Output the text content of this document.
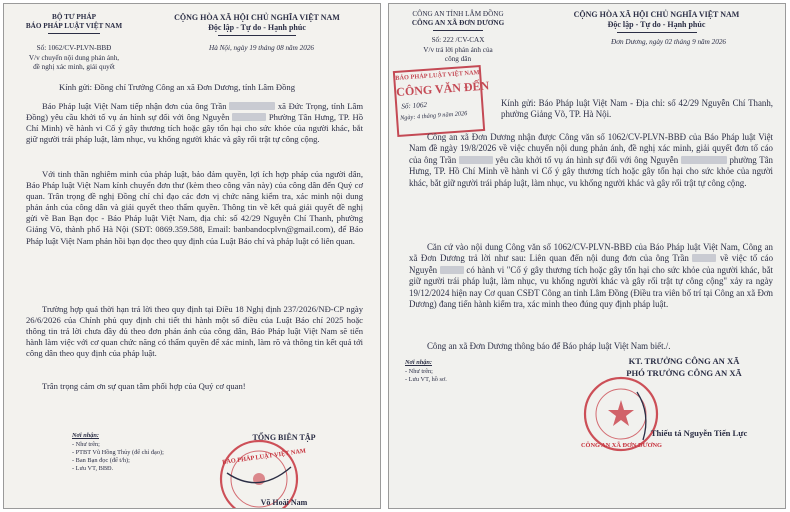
BỘ TƯ PHÁP
BÁO PHÁP LUẬT VIỆT NAM
CỘNG HÒA XÃ HỘI CHỦ NGHĨA VIỆT NAM
Độc lập - Tự do - Hạnh phúc
Số: 1062/CV-PLVN-BBĐ	Hà Nội, ngày 19 tháng 08 năm 2026
V/v chuyển nội dung phản ánh,
đề nghị xác minh, giải quyết
Kính gửi: Đồng chí Trưởng Công an xã Đơn Dương, tỉnh Lâm Đồng
Báo Pháp luật Việt Nam tiếp nhận đơn của ông Trần	xã Đức Trọng, tỉnh Lâm Đồng) yêu cầu khởi tố vụ án hình sự đối với ông Nguyễn	Phường Tân Hưng, TP. Hồ Chí Minh) về hành vi Cố ý gây thương tích hoặc gây tổn hại cho sức khỏe của người khác, bắt giữ người trái pháp luật, làm nhục, vu khống người khác và gây rối trật tự công cộng.
Với tinh thần nghiêm minh của pháp luật, bảo đảm quyền, lợi ích hợp pháp của người dân, Báo Pháp luật Việt Nam kính chuyển đơn thư (kèm theo công văn này) của công dân đến Quý cơ quan. Trân trọng đề nghị Đồng chí chỉ đạo các đơn vị chức năng kiểm tra, xác minh nội dung phản ánh của công dân và giải quyết theo thẩm quyền. Thông tin về kết quả giải quyết đề nghị gửi về Ban Bạn đọc - Báo Pháp luật Việt Nam, địa chỉ: số 42/29 Nguyễn Chí Thanh, phường Giảng Võ, thành phố Hà Nội (SĐT: 0869.359.588, Email: banbandocplvn@gmail.com), để Báo Pháp luật Việt Nam phản hồi bạn đọc theo quy định của Luật Báo chí và pháp luật có liên quan.
Trường hợp quá thời hạn trả lời theo quy định tại Điều 18 Nghị định 237/2026/NĐ-CP ngày 26/6/2026 của Chính phủ quy định chi tiết thi hành một số điều của Luật Báo chí 2025 hoặc thông tin trả lời chưa đầy đủ theo đơn phản ánh của công dân, Báo Pháp luật Việt Nam sẽ tiến hành làm việc với cơ quan chức năng có thẩm quyền để xác minh, làm rõ và thông tin kết quả tới công dân theo quy định của pháp luật.
Trân trọng cảm ơn sự quan tâm phối hợp của Quý cơ quan!
Nơi nhận:
- Như trên;
- PTBT Vũ Hồng Thủy (để chỉ đạo);
- Ban Bạn đọc (để t/h);
- Lưu VT, BBĐ.
TỔNG BIÊN TẬP
BÁO PHÁP LUẬT VIỆT NAM
Võ Hoài Nam
CÔNG AN TỈNH LÂM ĐỒNG
CÔNG AN XÃ ĐƠN DƯƠNG
CỘNG HÒA XÃ HỘI CHỦ NGHĨA VIỆT NAM
Độc lập - Tự do - Hạnh phúc
Số: 222 /CV-CAX	Đơn Dương, ngày 02 tháng 9 năm 2026
V/v trả lời phản ánh của
công dân
BÁO PHÁP LUẬT VIỆT NAM
CÔNG VĂN ĐẾN
Số: 1062
Ngày: 4 tháng 9 năm 2026
Kính gửi: Báo Pháp luật Việt Nam - Địa chỉ: số 42/29 Nguyễn Chí Thanh, phường Giảng Võ, TP. Hà Nội.
Công an xã Đơn Dương nhận được Công văn số 1062/CV-PLVN-BBĐ của Báo Pháp luật Việt Nam đề ngày 19/8/2026 về việc chuyển nội dung phản ánh, đề nghị xác minh, giải quyết đơn tố cáo của ông Trần	yêu cầu khởi tố vụ án hình sự đối với ông Nguyễn	phường Tân Hưng, TP. Hồ Chí Minh về hành vi Cố ý gây thương tích hoặc gây tổn hại cho sức khỏe của người khác, bắt giữ người trái pháp luật, làm nhục, vu khống người khác và gây rối trật tự công cộng.
Căn cứ vào nội dung Công văn số 1062/CV-PLVN-BBĐ của Báo Pháp luật Việt Nam, Công an xã Đơn Dương trả lời như sau: Liên quan đến nội dung đơn của ông Trần	về việc tố cáo Nguyễn	có hành vi "Cố ý gây thương tích hoặc gây tổn hại cho sức khỏe của người khác, bắt giữ người trái pháp luật, làm nhục, vu khống người khác và gây rối trật tự công cộng" xảy ra ngày 19/12/2024 hiện nay Cơ quan CSĐT Công an tỉnh Lâm Đồng (Điều tra viên bố trí tại Công an xã Đơn Dương) đang tiến hành kiểm tra, xác minh theo đúng quy định pháp luật.
Công an xã Đơn Dương thông báo để Báo pháp luật Việt Nam biết./.
Nơi nhận:
- Như trên;
- Lưu VT, hồ sơ.
KT. TRƯỞNG CÔNG AN XÃ
PHÓ TRƯỞNG CÔNG AN XÃ
CÔNG AN XÃ ĐƠN DƯƠNG
Thiếu tá Nguyễn Tiến Lực
